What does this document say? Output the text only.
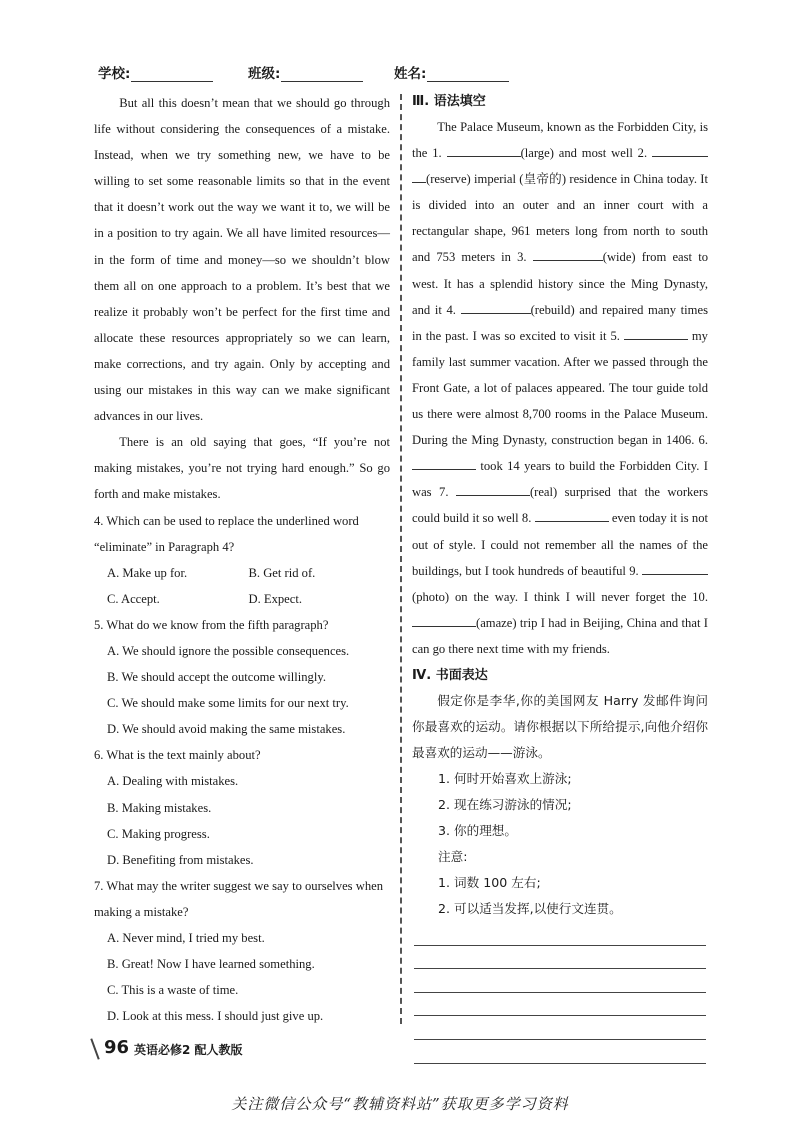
学校:	班级:	姓名:

But all this doesn’t mean that we should go through life without considering the consequences of a mistake. Instead, when we try something new, we have to be willing to set some reasonable limits so that in the event that it doesn’t work out the way we want it to, we will be in a position to try again. We all have limited resources—in the form of time and money—so we shouldn’t blow them all on one approach to a problem. It’s best that we realize it probably won’t be perfect for the first time and allocate these resources appropriately so we can learn, make corrections, and try again. Only by accepting and using our mistakes in this way can we make significant advances in our lives.

There is an old saying that goes, “If you’re not making mistakes, you’re not trying hard enough.” So go forth and make mistakes.

4. Which can be used to replace the underlined word “eliminate” in Paragraph 4?

A. Make up for.	B. Get rid of.
C. Accept.	D. Expect.

5. What do we know from the fifth paragraph?

A. We should ignore the possible consequences.

B. We should accept the outcome willingly.

C. We should make some limits for our next try.

D. We should avoid making the same mistakes.

6. What is the text mainly about?

A. Dealing with mistakes.

B. Making mistakes.

C. Making progress.

D. Benefiting from mistakes.

7. What may the writer suggest we say to ourselves when making a mistake?

A. Never mind, I tried my best.

B. Great! Now I have learned something.

C. This is a waste of time.

D. Look at this mess. I should just give up.

Ⅲ. 语法填空

The Palace Museum, known as the Forbidden City, is the 1.	(large) and most well 2.  (reserve) imperial (皇帝的) residence in China today. It is divided into an outer and an inner court with a rectangular shape, 961 meters long from north to south and 753 meters in 3.	(wide) from east to west. It has a splendid history since the Ming Dynasty, and it 4.	(rebuild) and repaired many times in the past. I was so excited to visit it 5.	my family last summer vacation. After we passed through the Front Gate, a lot of palaces appeared. The tour guide told us there were almost 8,700 rooms in the Palace Museum. During the Ming Dynasty, construction began in 1406. 6.  took 14 years to build the Forbidden City. I was 7.	(real) surprised that the workers could build it so well 8.	even today it is not out of style. I could not remember all the names of the buildings, but I took hundreds of beautiful 9. (photo) on the way. I think I will never forget the 10. (amaze) trip I had in Beijing, China and that I can go there next time with my friends.

Ⅳ. 书面表达

假定你是李华,你的美国网友 Harry 发邮件询问你最喜欢的运动。请你根据以下所给提示,向他介绍你最喜欢的运动——游泳。

1. 何时开始喜欢上游泳;

2. 现在练习游泳的情况;

3. 你的理想。

注意:

1. 词数 100 左右;

2. 可以适当发挥,以使行文连贯。

96 英语必修2 配人教版
关注微信公众号“教辅资料站”获取更多学习资料
